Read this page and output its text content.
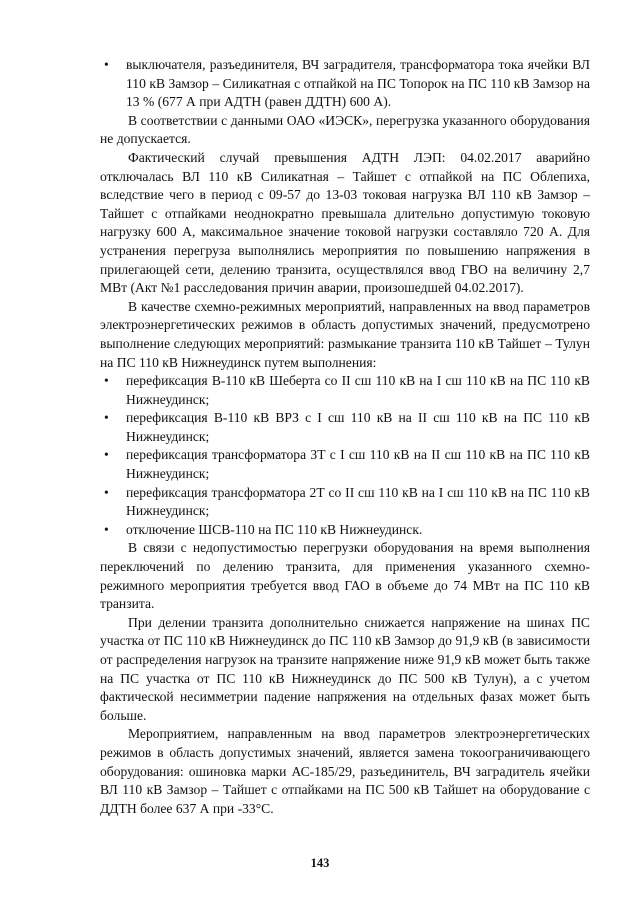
• выключателя, разъединителя, ВЧ заградителя, трансформатора тока ячейки ВЛ 110 кВ Замзор – Силикатная с отпайкой на ПС Топорок на ПС 110 кВ Замзор на 13 % (677 А при АДТН (равен ДДТН) 600 А).

В соответствии с данными ОАО «ИЭСК», перегрузка указанного оборудования не допускается.

Фактический случай превышения АДТН ЛЭП: 04.02.2017 аварийно отключалась ВЛ 110 кВ Силикатная – Тайшет с отпайкой на ПС Облепиха, вследствие чего в период с 09-57 до 13-03 токовая нагрузка ВЛ 110 кВ Замзор – Тайшет с отпайками неоднократно превышала длительно допустимую токовую нагрузку 600 А, максимальное значение токовой нагрузки составляло 720 А. Для устранения перегруза выполнялись мероприятия по повышению напряжения в прилегающей сети, делению транзита, осуществлялся ввод ГВО на величину 2,7 МВт (Акт №1 расследования причин аварии, произошедшей 04.02.2017).

В качестве схемно-режимных мероприятий, направленных на ввод параметров электроэнергетических режимов в область допустимых значений, предусмотрено выполнение следующих мероприятий: размыкание транзита 110 кВ Тайшет – Тулун на ПС 110 кВ Нижнеудинск путем выполнения:

• перефиксация В-110 кВ Шеберта со II сш 110 кВ на I сш 110 кВ на ПС 110 кВ Нижнеудинск;
• перефиксация В-110 кВ ВРЗ с I сш 110 кВ на II сш 110 кВ на ПС 110 кВ Нижнеудинск;
• перефиксация трансформатора 3Т с I сш 110 кВ на II сш 110 кВ на ПС 110 кВ Нижнеудинск;
• перефиксация трансформатора 2Т со II сш 110 кВ на I сш 110 кВ на ПС 110 кВ Нижнеудинск;
• отключение ШСВ-110 на ПС 110 кВ Нижнеудинск.

В связи с недопустимостью перегрузки оборудования на время выполнения переключений по делению транзита, для применения указанного схемно-режимного мероприятия требуется ввод ГАО в объеме до 74 МВт на ПС 110 кВ транзита.

При делении транзита дополнительно снижается напряжение на шинах ПС участка от ПС 110 кВ Нижнеудинск до ПС 110 кВ Замзор до 91,9 кВ (в зависимости от распределения нагрузок на транзите напряжение ниже 91,9 кВ может быть также на ПС участка от ПС 110 кВ Нижнеудинск до ПС 500 кВ Тулун), а с учетом фактической несимметрии падение напряжения на отдельных фазах может быть больше.

Мероприятием, направленным на ввод параметров электроэнергетических режимов в область допустимых значений, является замена токоограничивающего оборудования: ошиновка марки АС-185/29, разъединитель, ВЧ заградитель ячейки ВЛ 110 кВ Замзор – Тайшет с отпайками на ПС 500 кВ Тайшет на оборудование с ДДТН более 637 А при -33°С.

143
